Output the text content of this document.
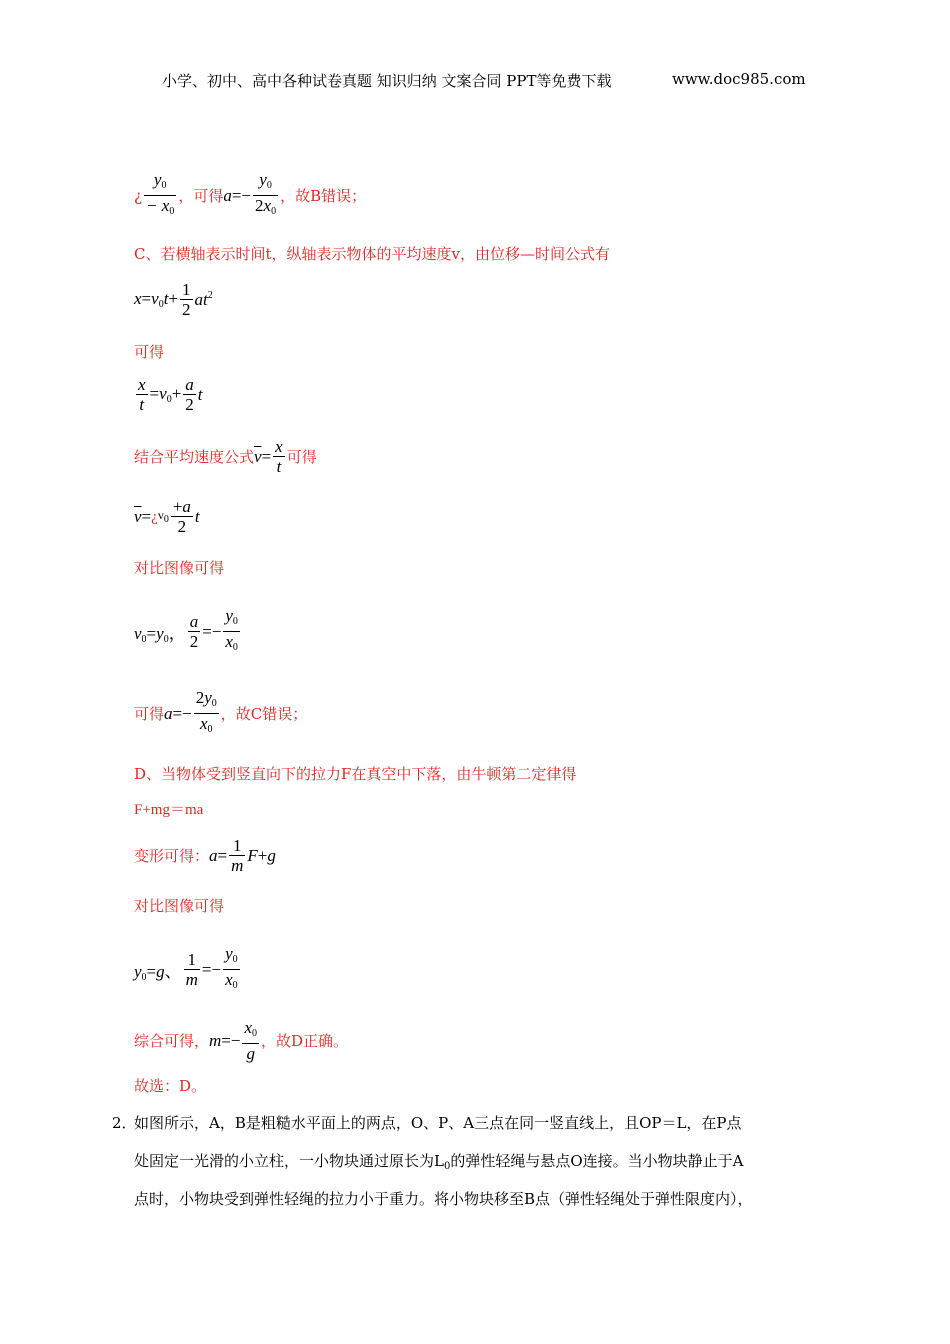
小学、初中、高中各种试卷真题 知识归纳 文案合同 PPT等免费下载	www.doc985.com
¿ $\frac{y_0}{- x_0}$ ，可得 $a=- \frac{y_0}{2x_0}$ ，故B错误；
C、若横轴表示时间t，纵轴表示物体的平均速度v，由位移—时间公式有
$x=v_0t+ \frac{1}{2} at^2$
可得
$\frac{x}{t} =v_0+ \frac{a}{2}$ t
结合平均速度公式 $\overline{v}= \frac{x}{t}$ 可得
$\overline{v}=$ ¿ $v_0 \frac{+a}{2}$ t
对比图像可得
$v_0=y_0$， $\frac{a}{2} =- \frac{y_0}{x_0}$
可得 $a=- \frac{2y_0}{x_0}$ ，故C错误；
D、当物体受到竖直向下的拉力F在真空中下落，由牛顿第二定律得
F+mg＝ma
变形可得： $a= \frac{1}{m} F+g$
对比图像可得
$y_0=g$、 $\frac{1}{m} =- \frac{y_0}{x_0}$
综合可得， $m=- \frac{x_0}{g}$ ，故D正确。
故选：D。
2．
如图所示，A，B是粗糙水平面上的两点，O、P、A三点在同一竖直线上，且OP＝L，在P点
处固定一光滑的小立柱，一小物块通过原长为$L_0$的弹性轻绳与悬点O连接。当小物块静止于A
点时，小物块受到弹性轻绳的拉力小于重力。将小物块移至B点（弹性轻绳处于弹性限度内），
